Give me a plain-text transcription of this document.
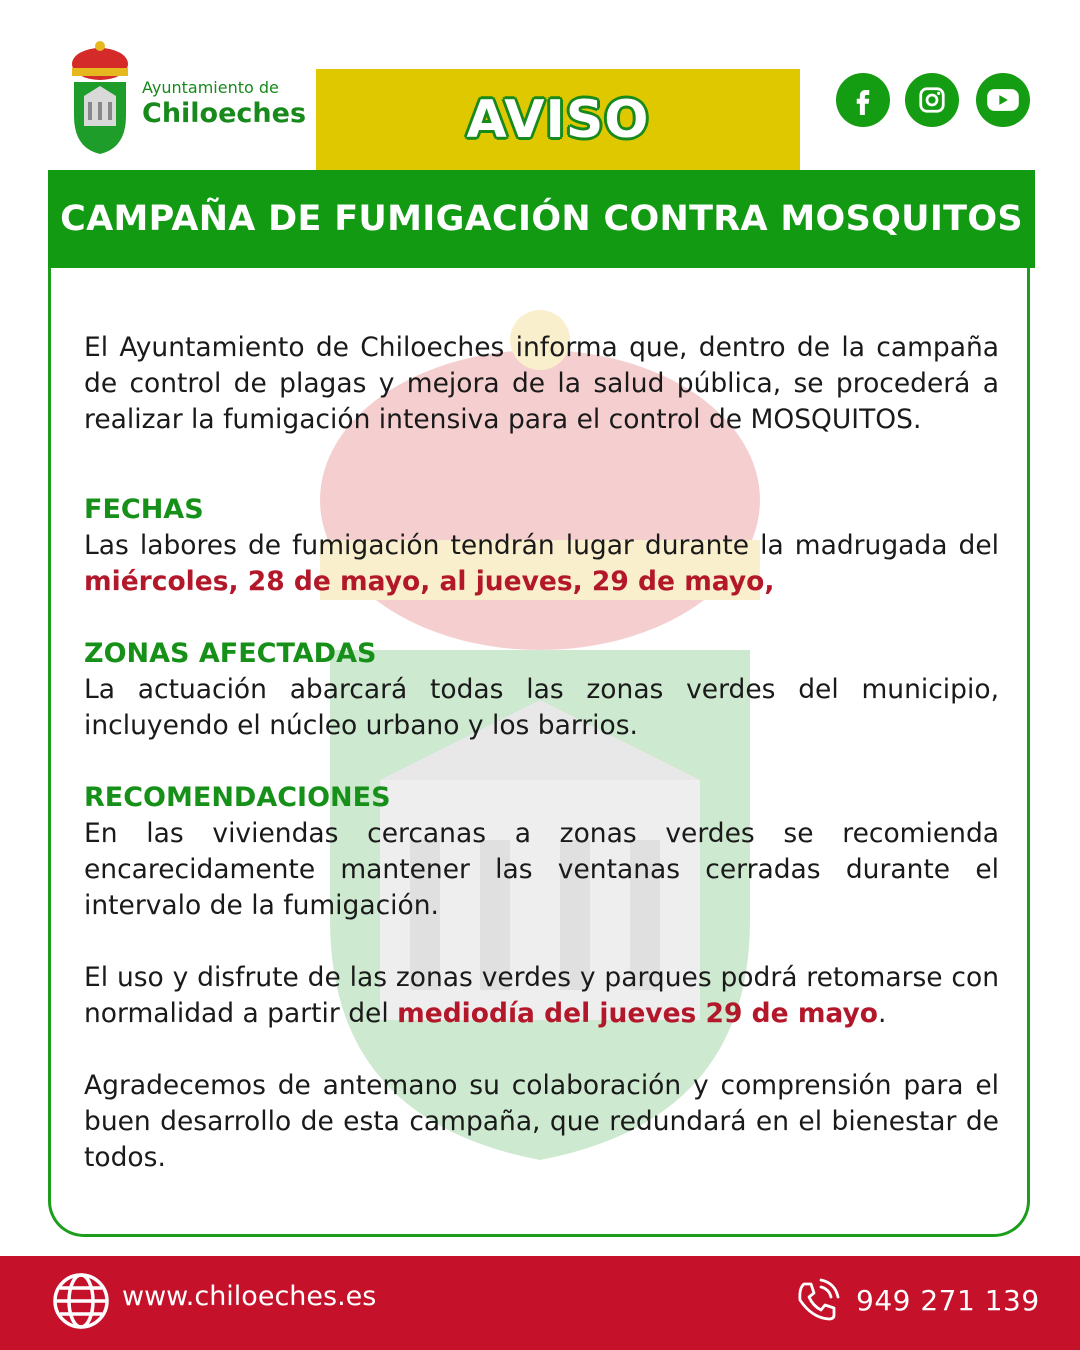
Ayuntamiento de
Chiloeches	AVISO
CAMPAÑA DE FUMIGACIÓN CONTRA MOSQUITOS

El Ayuntamiento de Chiloeches informa que, dentro de la campaña de control de plagas y mejora de la salud pública, se procederá a realizar la fumigación intensiva para el control de MOSQUITOS.

FECHAS

Las labores de fumigación tendrán lugar durante la madrugada del miércoles, 28 de mayo, al jueves, 29 de mayo,

ZONAS AFECTADAS

La actuación abarcará todas las zonas verdes del municipio, incluyendo el núcleo urbano y los barrios.

RECOMENDACIONES

En las viviendas cercanas a zonas verdes se recomienda encarecidamente mantener las ventanas cerradas durante el intervalo de la fumigación.

El uso y disfrute de las zonas verdes y parques podrá retomarse con normalidad a partir del mediodía del jueves 29 de mayo.

Agradecemos de antemano su colaboración y comprensión para el buen desarrollo de esta campaña, que redundará en el bienestar de todos.

www.chiloeches.es	949 271 139
